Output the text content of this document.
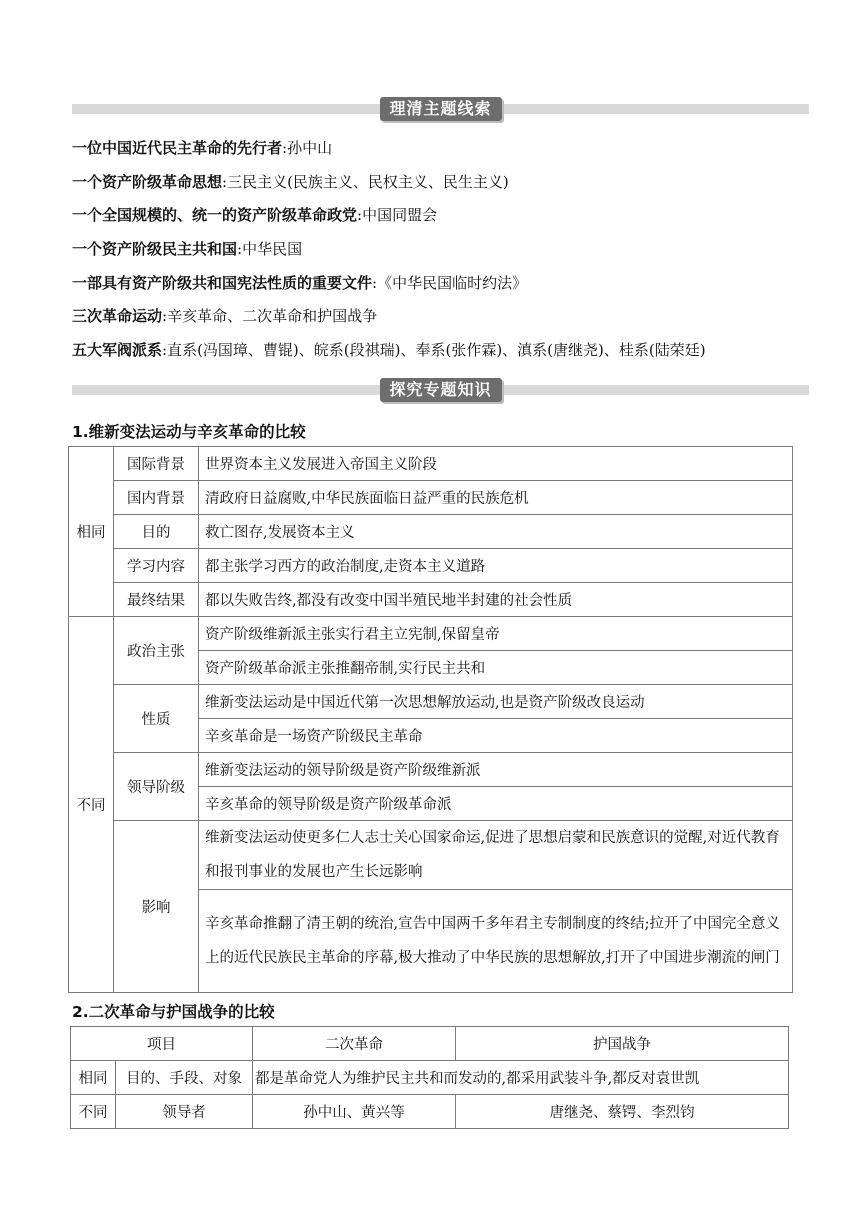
理清主题线索
一位中国近代民主革命的先行者:孙中山
一个资产阶级革命思想:三民主义(民族主义、民权主义、民生主义)
一个全国规模的、统一的资产阶级革命政党:中国同盟会
一个资产阶级民主共和国:中华民国
一部具有资产阶级共和国宪法性质的重要文件:《中华民国临时约法》
三次革命运动:辛亥革命、二次革命和护国战争
五大军阀派系:直系(冯国璋、曹锟)、皖系(段祺瑞)、奉系(张作霖)、滇系(唐继尧)、桂系(陆荣廷)
探究专题知识
1.维新变法运动与辛亥革命的比较
相同	国际背景	世界资本主义发展进入帝国主义阶段
	国内背景	清政府日益腐败,中华民族面临日益严重的民族危机
	目的	救亡图存,发展资本主义
	学习内容	都主张学习西方的政治制度,走资本主义道路
	最终结果	都以失败告终,都没有改变中国半殖民地半封建的社会性质
不同	政治主张	资产阶级维新派主张实行君主立宪制,保留皇帝
		资产阶级革命派主张推翻帝制,实行民主共和
	性质	维新变法运动是中国近代第一次思想解放运动,也是资产阶级改良运动
		辛亥革命是一场资产阶级民主革命
	领导阶级	维新变法运动的领导阶级是资产阶级维新派
		辛亥革命的领导阶级是资产阶级革命派
	影响	维新变法运动使更多仁人志士关心国家命运,促进了思想启蒙和民族意识的觉醒,对近代教育和报刊事业的发展也产生长远影响
		辛亥革命推翻了清王朝的统治,宣告中国两千多年君主专制制度的终结;拉开了中国完全意义上的近代民族民主革命的序幕,极大推动了中华民族的思想解放,打开了中国进步潮流的闸门
2.二次革命与护国战争的比较
项目		二次革命	护国战争
相同	目的、手段、对象	都是革命党人为维护民主共和而发动的,都采用武装斗争,都反对袁世凯	
不同	领导者	孙中山、黄兴等	唐继尧、蔡锷、李烈钧
